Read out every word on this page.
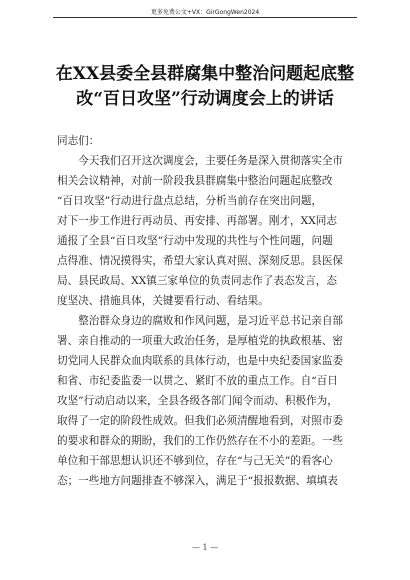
更多免费公文+VX：GirGongWen2024
在XX县委全县群腐集中整治问题起底整
改“百日攻坚”行动调度会上的讲话
同志们：
　　今天我们召开这次调度会，主要任务是深入贯彻落实全市
相关会议精神，对前一阶段我县群腐集中整治问题起底整改
“百日攻坚”行动进行盘点总结，分析当前存在突出问题，
对下一步工作进行再动员、再安排、再部署。刚才，XX同志
通报了全县“百日攻坚”行动中发现的共性与个性问题，问题
点得准、情况摸得实，希望大家认真对照、深刻反思。县医保
局、县民政局、XX镇三家单位的负责同志作了表态发言，态
度坚决、措施具体，关键要看行动、看结果。
　　整治群众身边的腐败和作风问题，是习近平总书记亲自部
署、亲自推动的一项重大政治任务，是厚植党的执政根基、密
切党同人民群众血肉联系的具体行动，也是中央纪委国家监委
和省、市纪委监委一以贯之、紧盯不放的重点工作。自“百日
攻坚”行动启动以来，全县各级各部门闻令而动、积极作为，
取得了一定的阶段性成效。但我们必须清醒地看到，对照市委
的要求和群众的期盼，我们的工作仍然存在不小的差距。一些
单位和干部思想认识还不够到位，存在“与己无关”的看客心
态；一些地方问题排查不够深入，满足于“报报数据、填填表
— 1 —
